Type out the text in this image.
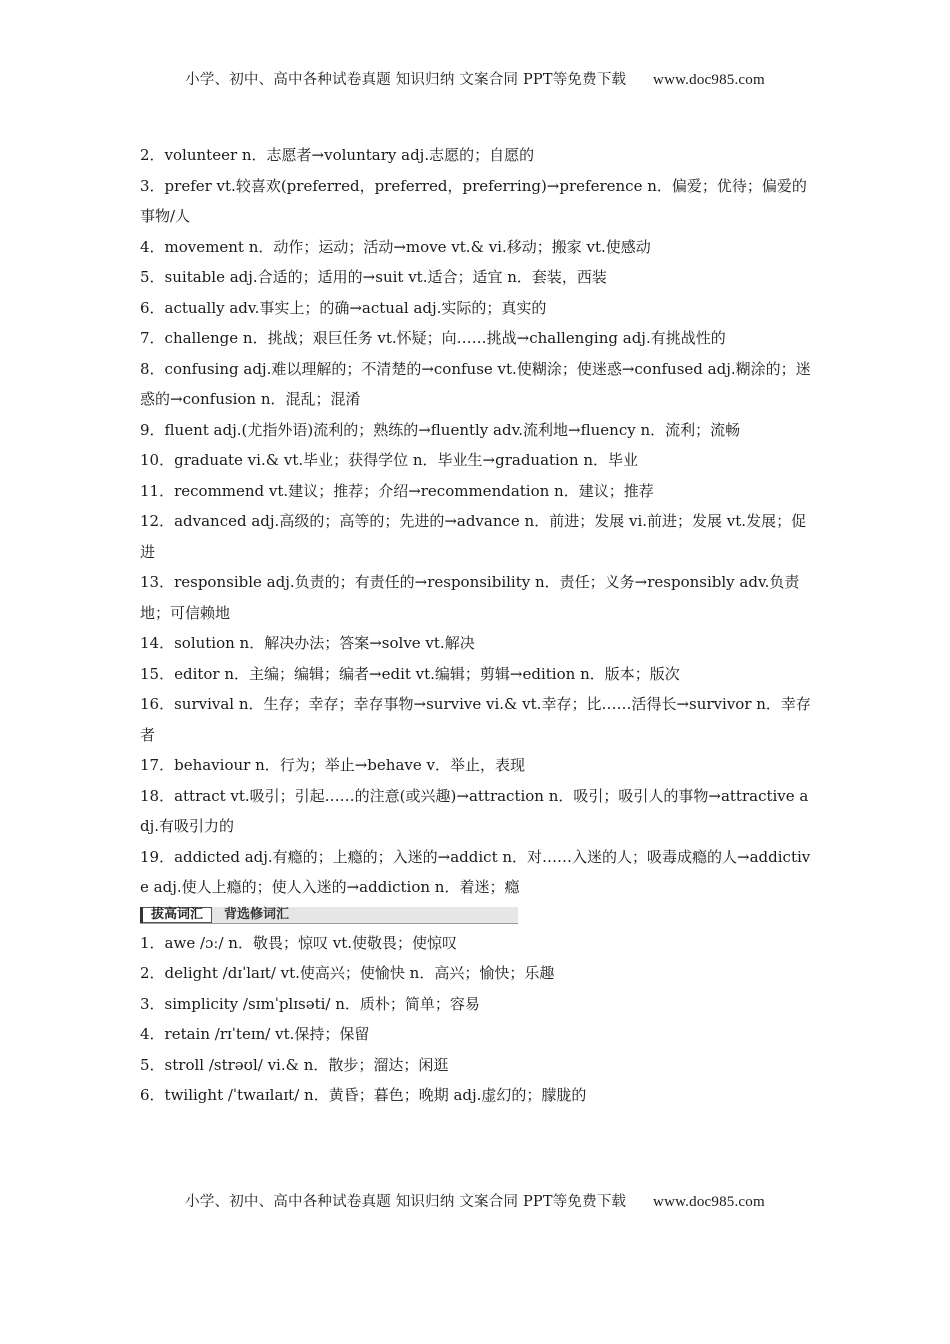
小学、初中、高中各种试卷真题 知识归纳 文案合同 PPT等免费下载 www.doc985.com

2．volunteer n．志愿者→voluntary adj.志愿的；自愿的

3．prefer vt.较喜欢(preferred，preferred，preferring)→preference n．偏爱；优待；偏爱的事物/人

4．movement n．动作；运动；活动→move vt.& vi.移动；搬家 vt.使感动

5．suitable adj.合适的；适用的→suit vt.适合；适宜 n．套装，西装

6．actually adv.事实上；的确→actual adj.实际的；真实的

7．challenge n．挑战；艰巨任务 vt.怀疑；向……挑战→challenging adj.有挑战性的

8．confusing adj.难以理解的；不清楚的→confuse vt.使糊涂；使迷惑→confused adj.糊涂的；迷惑的→confusion n．混乱；混淆

9．fluent adj.(尤指外语)流利的；熟练的→fluently adv.流利地→fluency n．流利；流畅

10．graduate vi.& vt.毕业；获得学位 n．毕业生→graduation n．毕业

11．recommend vt.建议；推荐；介绍→recommendation n．建议；推荐

12．advanced adj.高级的；高等的；先进的→advance n．前进；发展 vi.前进；发展 vt.发展；促进

13．responsible adj.负责的；有责任的→responsibility n．责任；义务→responsibly adv.负责地；可信赖地

14．solution n．解决办法；答案→solve vt.解决

15．editor n．主编；编辑；编者→edit vt.编辑；剪辑→edition n．版本；版次

16．survival n．生存；幸存；幸存事物→survive vi.& vt.幸存；比……活得长→survivor n．幸存者

17．behaviour n．行为；举止→behave v．举止，表现

18．attract vt.吸引；引起……的注意(或兴趣)→attraction n．吸引；吸引人的事物→attractive adj.有吸引力的

19．addicted adj.有瘾的；上瘾的；入迷的→addict n．对……入迷的人；吸毒成瘾的人→addictive adj.使人上瘾的；使人入迷的→addiction n．着迷；瘾

拔高词汇	背选修词汇

1．awe /ɔː/ n．敬畏；惊叹 vt.使敬畏；使惊叹

2．delight /dɪˈlaɪt/ vt.使高兴；使愉快 n．高兴；愉快；乐趣

3．simplicity /sɪmˈplɪsəti/ n．质朴；简单；容易

4．retain /rɪˈteɪn/ vt.保持；保留

5．stroll /strəʊl/ vi.& n．散步；溜达；闲逛

6．twilight /ˈtwaɪlaɪt/ n．黄昏；暮色；晚期 adj.虚幻的；朦胧的

小学、初中、高中各种试卷真题 知识归纳 文案合同 PPT等免费下载 www.doc985.com
